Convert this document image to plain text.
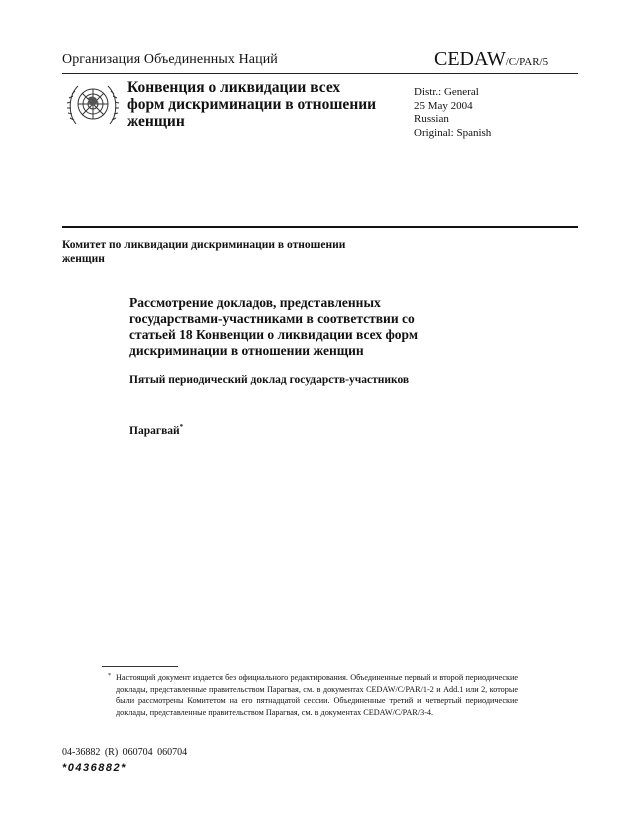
Организация Объединенных Наций	CEDAW/C/PAR/5
Конвенция о ликвидации всех форм дискриминации в отношении женщин
Distr.: General
25 May 2004
Russian
Original: Spanish
Комитет по ликвидации дискриминации в отношении женщин
Рассмотрение докладов, представленных государствами-участниками в соответствии со статьей 18 Конвенции о ликвидации всех форм дискриминации в отношении женщин
Пятый периодический доклад государств-участников
Парагвай*
* Настоящий документ издается без официального редактирования. Объединенные первый и второй периодические доклады, представленные правительством Парагвая, см. в документах CEDAW/C/PAR/1-2 и Add.1 или 2, которые были рассмотрены Комитетом на его пятнадцатой сессии. Объединенные третий и четвертый периодические доклады, представленные правительством Парагвая, см. в документах CEDAW/C/PAR/3-4.
04-36882 (R) 060704 060704
*0436882*
